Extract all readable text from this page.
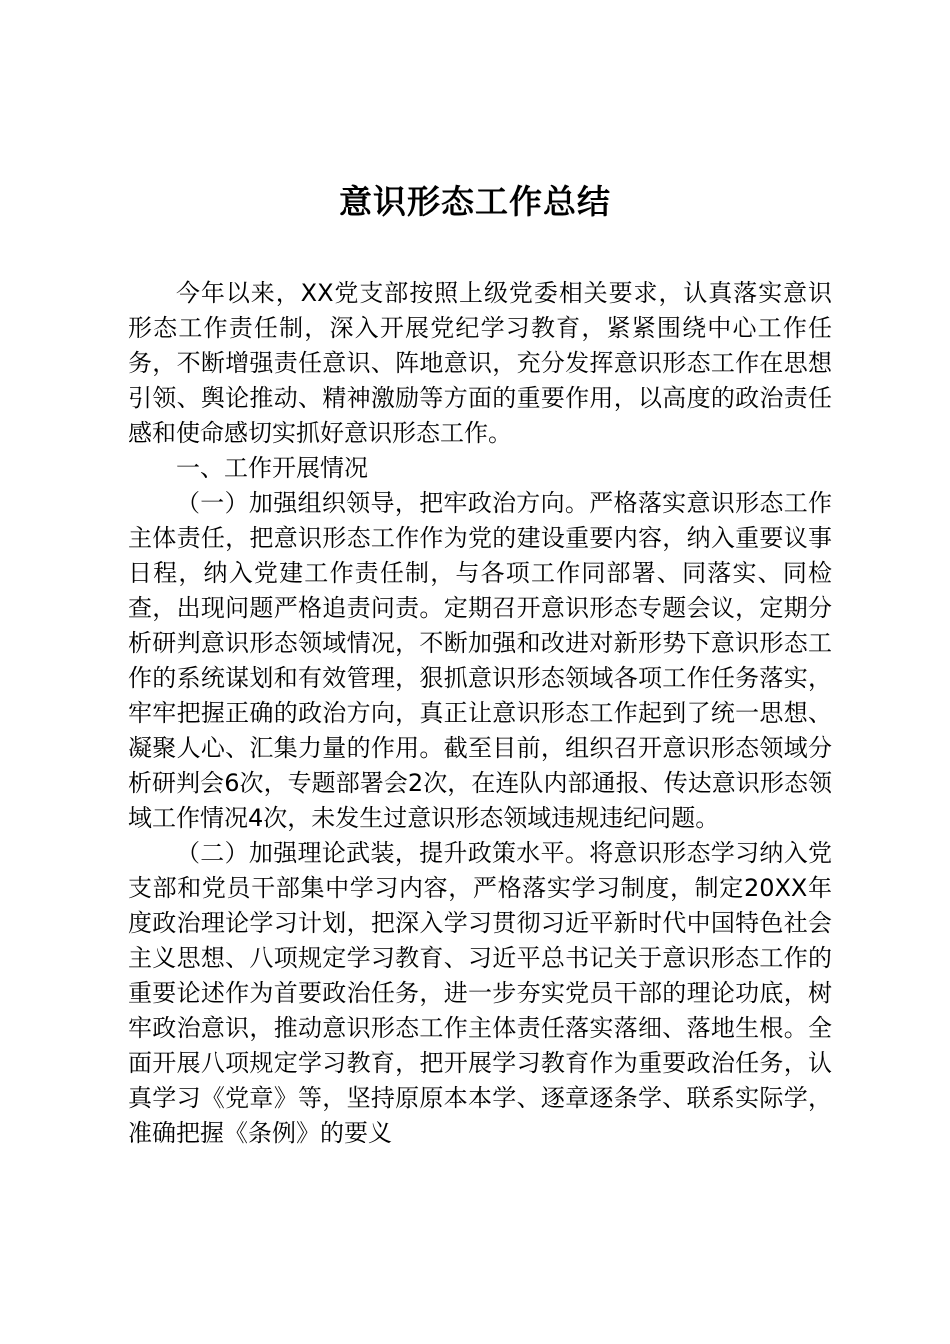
意识形态工作总结

今年以来，XX党支部按照上级党委相关要求，认真落实意识形态工作责任制，深入开展党纪学习教育，紧紧围绕中心工作任务，不断增强责任意识、阵地意识，充分发挥意识形态工作在思想引领、舆论推动、精神激励等方面的重要作用，以高度的政治责任感和使命感切实抓好意识形态工作。

一、工作开展情况

（一）加强组织领导，把牢政治方向。严格落实意识形态工作主体责任，把意识形态工作作为党的建设重要内容，纳入重要议事日程，纳入党建工作责任制，与各项工作同部署、同落实、同检查，出现问题严格追责问责。定期召开意识形态专题会议，定期分析研判意识形态领域情况，不断加强和改进对新形势下意识形态工作的系统谋划和有效管理，狠抓意识形态领域各项工作任务落实，牢牢把握正确的政治方向，真正让意识形态工作起到了统一思想、凝聚人心、汇集力量的作用。截至目前，组织召开意识形态领域分析研判会6次，专题部署会2次，在连队内部通报、传达意识形态领域工作情况4次，未发生过意识形态领域违规违纪问题。

（二）加强理论武装，提升政策水平。将意识形态学习纳入党支部和党员干部集中学习内容，严格落实学习制度，制定20XX年度政治理论学习计划，把深入学习贯彻习近平新时代中国特色社会主义思想、八项规定学习教育、习近平总书记关于意识形态工作的重要论述作为首要政治任务，进一步夯实党员干部的理论功底，树牢政治意识，推动意识形态工作主体责任落实落细、落地生根。全面开展八项规定学习教育，把开展学习教育作为重要政治任务，认真学习《党章》等，坚持原原本本学、逐章逐条学、联系实际学，准确把握《条例》的要义
